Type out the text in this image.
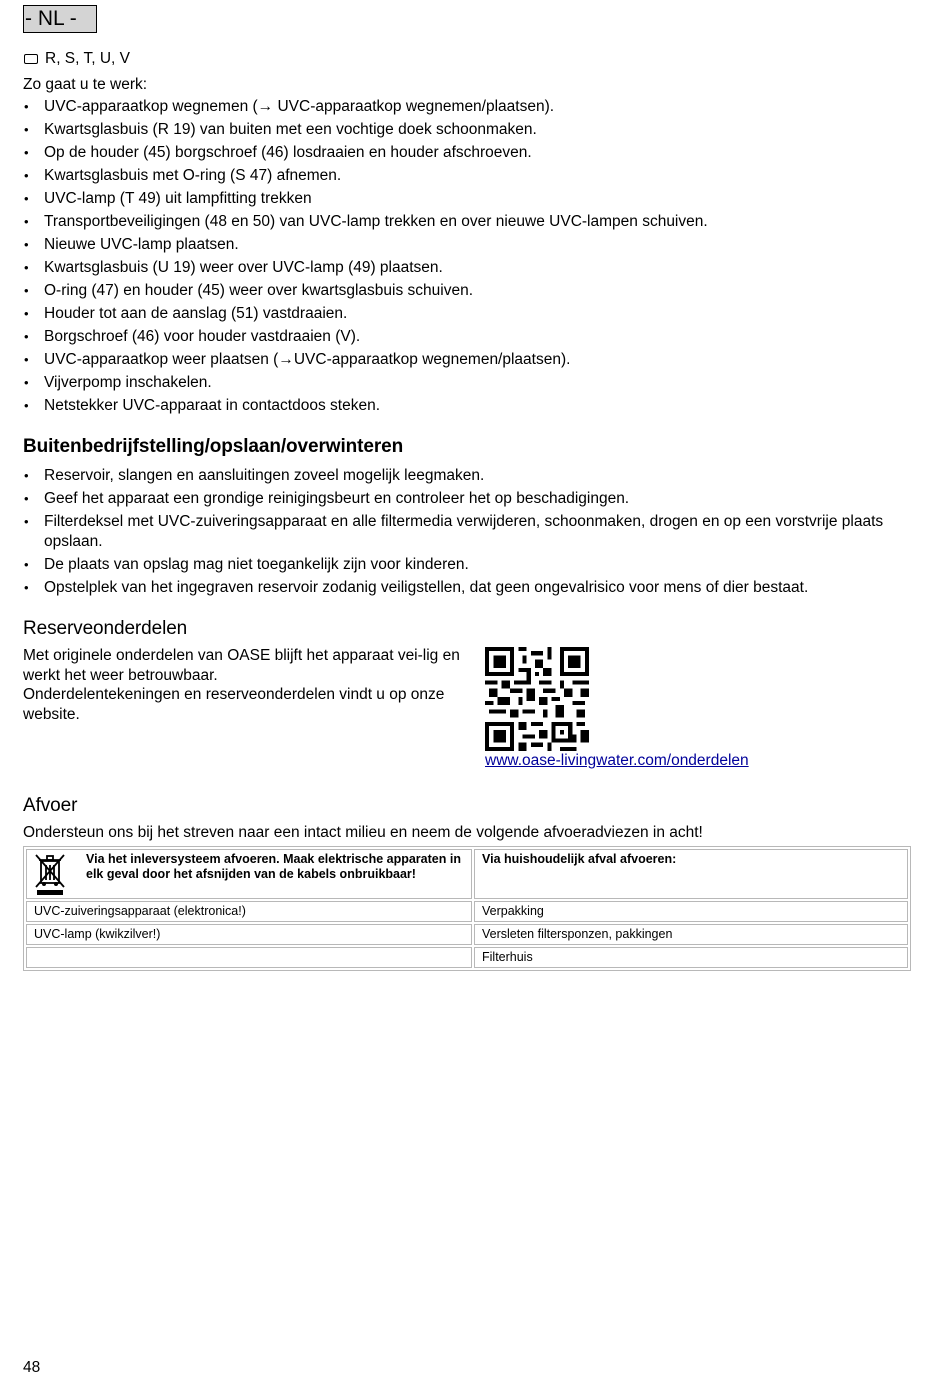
- NL -
R, S, T, U, V
Zo gaat u te werk:
• UVC-apparaatkop wegnemen (→ UVC-apparaatkop wegnemen/plaatsen).
• Kwartsglasbuis (R 19) van buiten met een vochtige doek schoonmaken.
• Op de houder (45) borgschroef (46) losdraaien en houder afschroeven.
• Kwartsglasbuis met O-ring (S 47) afnemen.
• UVC-lamp (T 49) uit lampfitting trekken
• Transportbeveiligingen (48 en 50) van UVC-lamp trekken en over nieuwe UVC-lampen schuiven.
• Nieuwe UVC-lamp plaatsen.
• Kwartsglasbuis (U 19) weer over UVC-lamp (49) plaatsen.
• O-ring (47) en houder (45) weer over kwartsglasbuis schuiven.
• Houder tot aan de aanslag (51) vastdraaien.
• Borgschroef (46) voor houder vastdraaien (V).
• UVC-apparaatkop weer plaatsen (→UVC-apparaatkop wegnemen/plaatsen).
• Vijverpomp inschakelen.
• Netstekker UVC-apparaat in contactdoos steken.
Buitenbedrijfstelling/opslaan/overwinteren
• Reservoir, slangen en aansluitingen zoveel mogelijk leegmaken.
• Geef het apparaat een grondige reinigingsbeurt en controleer het op beschadigingen.
• Filterdeksel met UVC-zuiveringsapparaat en alle filtermedia verwijderen, schoonmaken, drogen en op een vorstvrije plaats opslaan.
• De plaats van opslag mag niet toegankelijk zijn voor kinderen.
• Opstelplek van het ingegraven reservoir zodanig veiligstellen, dat geen ongevalrisico voor mens of dier bestaat.
Reserveonderdelen
Met originele onderdelen van OASE blijft het apparaat vei-lig en werkt het weer betrouwbaar.
Onderdelentekeningen en reserveonderdelen vindt u op onze website.
www.oase-livingwater.com/onderdelen
Afvoer
Ondersteun ons bij het streven naar een intact milieu en neem de volgende afvoeradviezen in acht!
Via het inleversysteem afvoeren. Maak elektrische apparaten in elk geval door het afsnijden van de kabels onbruikbaar!	Via huishoudelijk afval afvoeren:
UVC-zuiveringsapparaat (elektronica!)	Verpakking
UVC-lamp (kwikzilver!)	Versleten filtersponzen, pakkingen
	Filterhuis
48
